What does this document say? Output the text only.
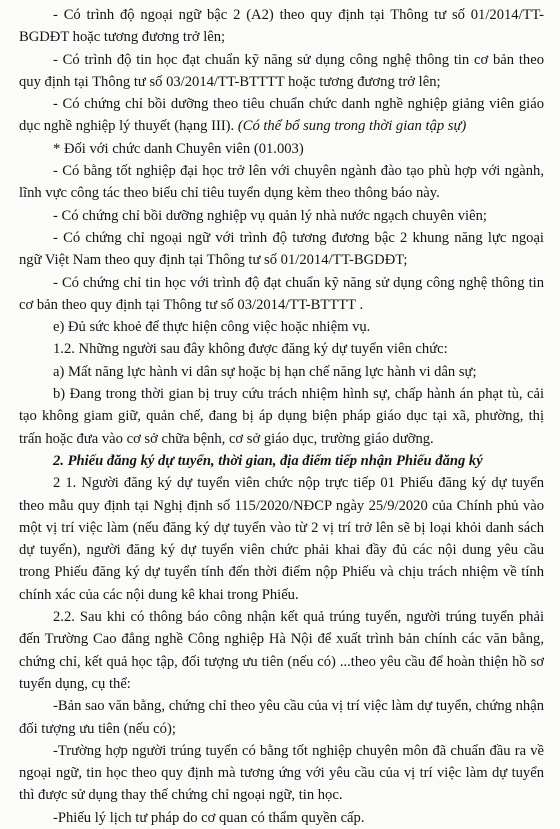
- Có trình độ ngoại ngữ bậc 2 (A2) theo quy định tại Thông tư số 01/2014/TT-BGDĐT hoặc tương đương trở lên;

- Có trình độ tin học đạt chuẩn kỹ năng sử dụng công nghệ thông tin cơ bản theo quy định tại Thông tư số 03/2014/TT-BTTTT hoặc tương đương trở lên;

- Có chứng chỉ bồi dưỡng theo tiêu chuẩn chức danh nghề nghiệp giảng viên giáo dục nghề nghiệp lý thuyết (hạng III). (Có thể bổ sung trong thời gian tập sự)

* Đối với chức danh Chuyên viên (01.003)

- Có bằng tốt nghiệp đại học trở lên với chuyên ngành đào tạo phù hợp với ngành, lĩnh vực công tác theo biểu chỉ tiêu tuyển dụng kèm theo thông báo này.

- Có chứng chỉ bồi dưỡng nghiệp vụ quản lý nhà nước ngạch chuyên viên;

- Có chứng chỉ ngoại ngữ với trình độ tương đương bậc 2 khung năng lực ngoại ngữ Việt Nam theo quy định tại Thông tư số 01/2014/TT-BGDĐT;

- Có chứng chỉ tin học với trình độ đạt chuẩn kỹ năng sử dụng công nghệ thông tin cơ bản theo quy định tại Thông tư số 03/2014/TT-BTTTT .

e) Đủ sức khoẻ để thực hiện công việc hoặc nhiệm vụ.

1.2. Những người sau đây không được đăng ký dự tuyển viên chức:

a) Mất năng lực hành vi dân sự hoặc bị hạn chế năng lực hành vi dân sự;

b) Đang trong thời gian bị truy cứu trách nhiệm hình sự, chấp hành án phạt tù, cải tạo không giam giữ, quản chế, đang bị áp dụng biện pháp giáo dục tại xã, phường, thị trấn hoặc đưa vào cơ sở chữa bệnh, cơ sở giáo dục, trường giáo dưỡng.

2. Phiếu đăng ký dự tuyển, thời gian, địa điểm tiếp nhận Phiếu đăng ký

2 1. Người đăng ký dự tuyển viên chức nộp trực tiếp 01 Phiếu đăng ký dự tuyển theo mẫu quy định tại Nghị định số 115/2020/NĐCP ngày 25/9/2020 của Chính phủ vào một vị trí việc làm (nếu đăng ký dự tuyển vào từ 2 vị trí trở lên sẽ bị loại khỏi danh sách dự tuyển), người đăng ký dự tuyển viên chức phải khai đầy đủ các nội dung yêu cầu trong Phiếu đăng ký dự tuyển tính đến thời điểm nộp Phiếu và chịu trách nhiệm về tính chính xác của các nội dung kê khai trong Phiếu.

2.2. Sau khi có thông báo công nhận kết quả trúng tuyển, người trúng tuyển phải đến Trường Cao đẳng nghề Công nghiệp Hà Nội để xuất trình bản chính các văn bằng, chứng chỉ, kết quả học tập, đối tượng ưu tiên (nếu có) ...theo yêu cầu để hoàn thiện hồ sơ tuyển dụng, cụ thể:

-Bản sao văn bằng, chứng chỉ theo yêu cầu của vị trí việc làm dự tuyển, chứng nhận đối tượng ưu tiên (nếu có);

-Trường hợp người trúng tuyển có bằng tốt nghiệp chuyên môn đã chuẩn đầu ra về ngoại ngữ, tin học theo quy định mà tương ứng với yêu cầu của vị trí việc làm dự tuyển thì được sử dụng thay thế chứng chỉ ngoại ngữ, tin học.

-Phiếu lý lịch tư pháp do cơ quan có thẩm quyền cấp.
